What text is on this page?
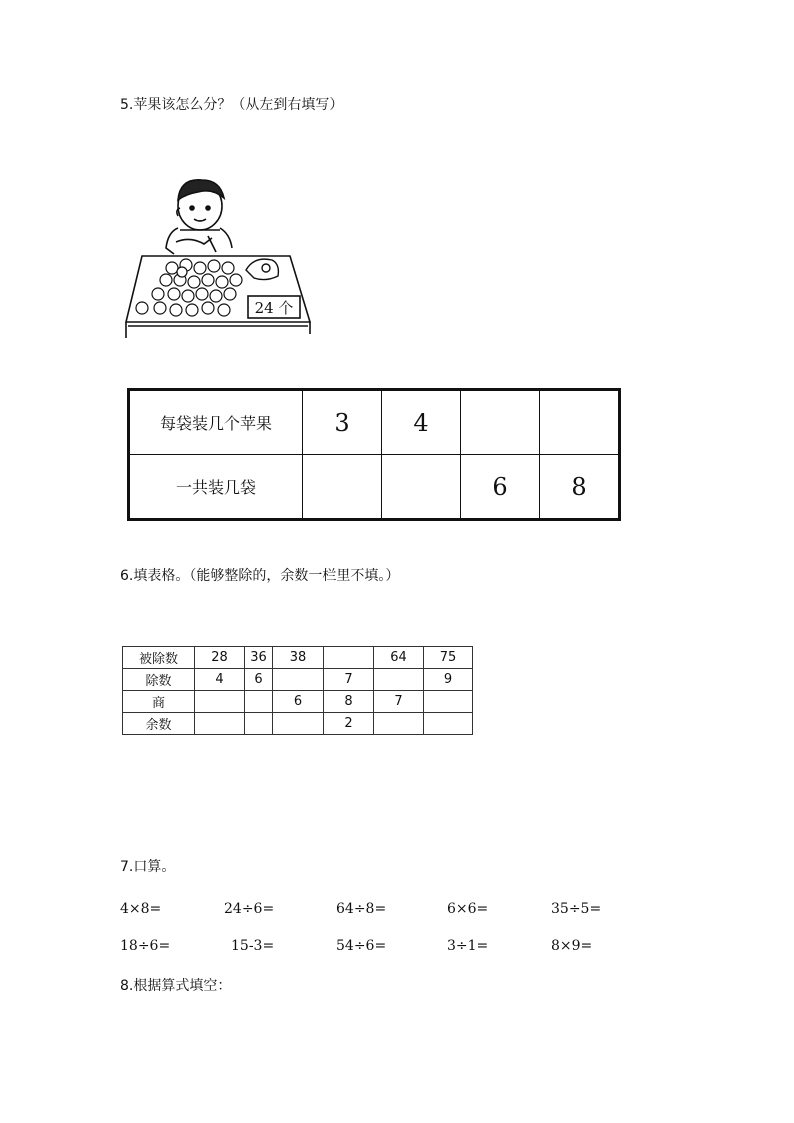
5.苹果该怎么分？（从左到右填写）
24 个
每袋装几个苹果	3	4		
一共装几袋			6	8
6.填表格。（能够整除的，余数一栏里不填。）
被除数	28	36	38		64	75
除数	4	6		7		9
商			6	8	7	
余数				2		
7.口算。
4×8=	24÷6=	64÷8=	6×6=	35÷5=
18÷6=	15-3=	54÷6=	3÷1=	8×9=
8.根据算式填空：
